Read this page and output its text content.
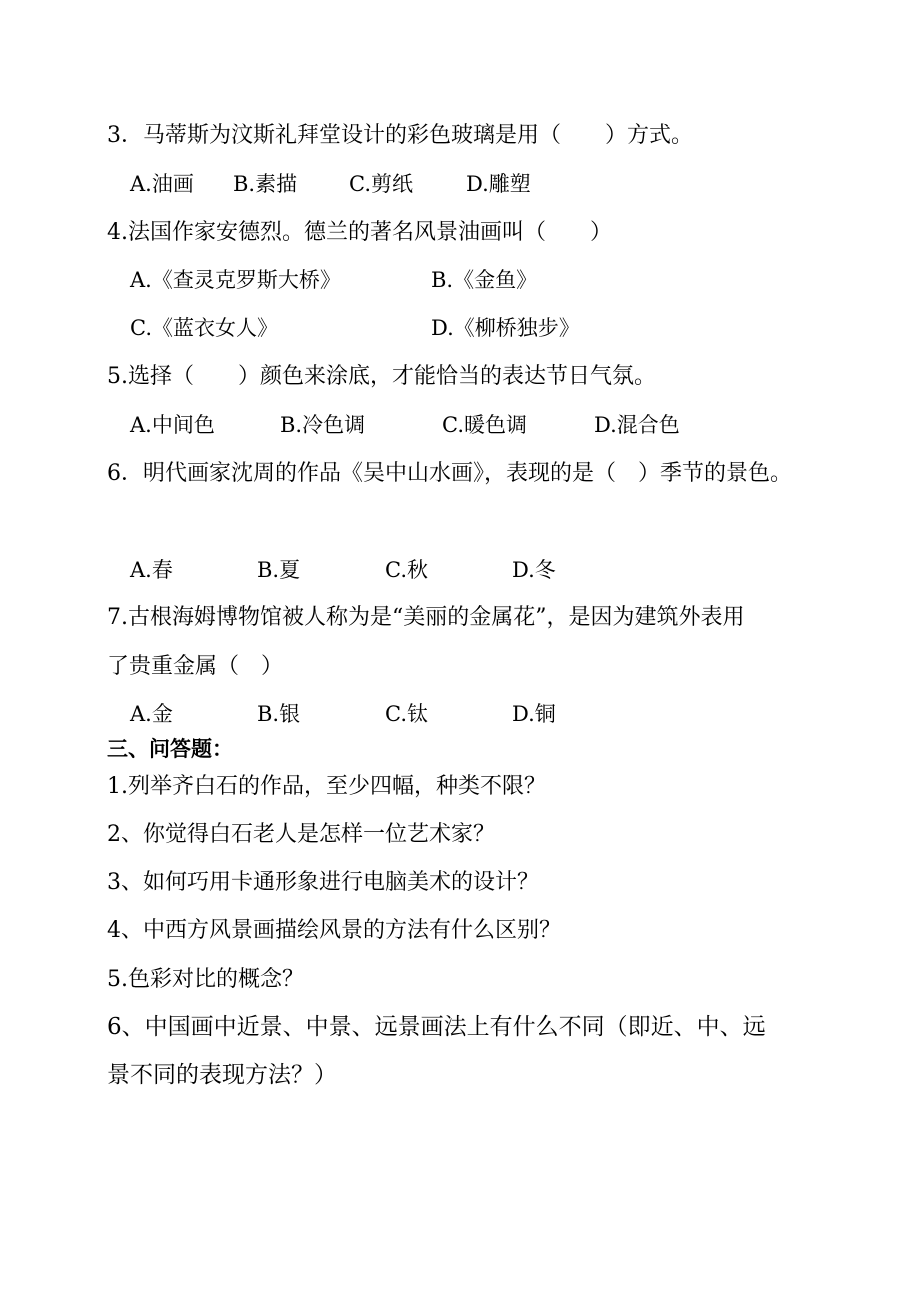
3．马蒂斯为汶斯礼拜堂设计的彩色玻璃是用（　　）方式。
A.油画 B.素描 C.剪纸	D.雕塑
4.法国作家安德烈。德兰的著名风景油画叫（　　）
A.《查灵克罗斯大桥》	B.《金鱼》
C.《蓝衣女人》	D.《柳桥独步》
5.选择（　　）颜色来涂底，才能恰当的表达节日气氛。
A.中间色	B.冷色调	C.暖色调	D.混合色
6．明代画家沈周的作品《吴中山水画》，表现的是（　）季节的景色。
A.春	B.夏	C.秋	D.冬
7.古根海姆博物馆被人称为是“美丽的金属花”，是因为建筑外表用
了贵重金属（　）
A.金	B.银	C.钛	D.铜
三、问答题：
1.列举齐白石的作品，至少四幅，种类不限？
2、你觉得白石老人是怎样一位艺术家？
3、如何巧用卡通形象进行电脑美术的设计？
4、中西方风景画描绘风景的方法有什么区别？
5.色彩对比的概念？
6、中国画中近景、中景、远景画法上有什么不同（即近、中、远
景不同的表现方法？）
